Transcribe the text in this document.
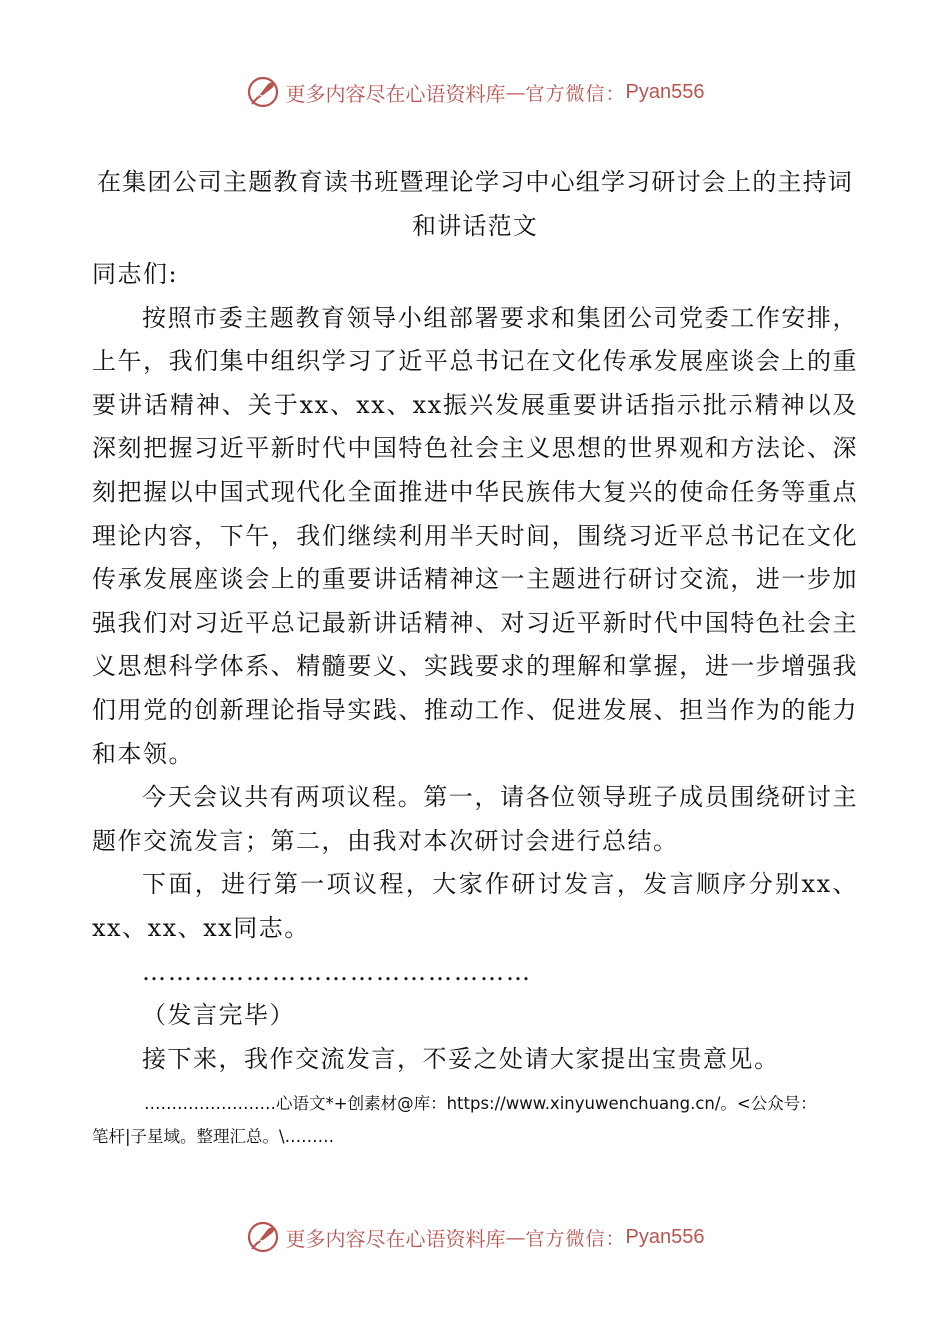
更多内容尽在心语资料库 — 官方微信： Pyan556
在集团公司主题教育读书班暨理论学习中心组学习研讨会上的主持词和讲话范文

同志们:

按照市委主题教育领导小组部署要求和集团公司党委工作安排，上午，我们集中组织学习了近平总书记在文化传承发展座谈会上的重要讲话精神、关于xx、xx、xx振兴发展重要讲话指示批示精神以及深刻把握习近平新时代中国特色社会主义思想的世界观和方法论、深刻把握以中国式现代化全面推进中华民族伟大复兴的使命任务等重点理论内容，下午，我们继续利用半天时间，围绕习近平总书记在文化传承发展座谈会上的重要讲话精神这一主题进行研讨交流，进一步加强我们对习近平总记最新讲话精神、对习近平新时代中国特色社会主义思想科学体系、精髓要义、实践要求的理解和掌握，进一步增强我们用党的创新理论指导实践、推动工作、促进发展、担当作为的能力和本领。

今天会议共有两项议程。第一，请各位领导班子成员围绕研讨主题作交流发言；第二，由我对本次研讨会进行总结。

下面，进行第一项议程，大家作研讨发言，发言顺序分别xx、xx、xx、xx同志。

………………………………………

（发言完毕）

接下来，我作交流发言，不妥之处请大家提出宝贵意见。

……………………心语文*+创素材@库：https://www.xinyuwenchuang.cn/。<公众号：
笔杆|子星域。整理汇总。\………
更多内容尽在心语资料库 — 官方微信： Pyan556
